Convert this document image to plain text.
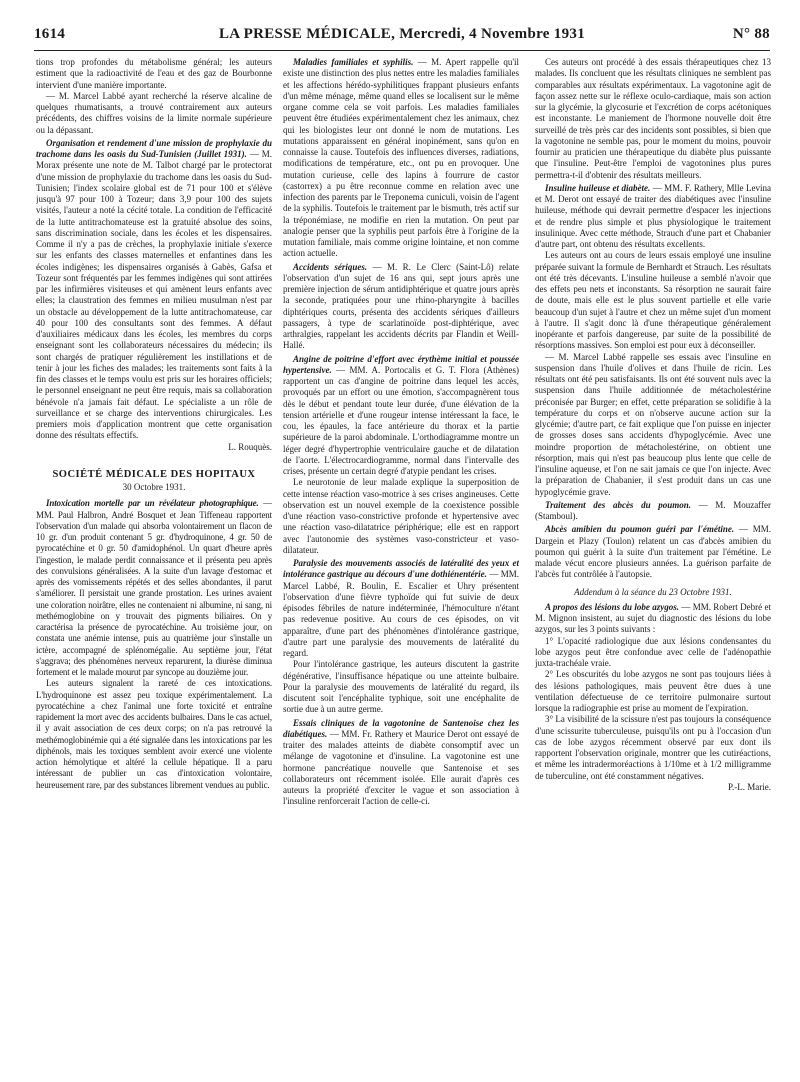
1614	LA PRESSE MÉDICALE, Mercredi, 4 Novembre 1931	N° 88

tions trop profondes du métabolisme général; les auteurs estiment que la radioactivité de l'eau et des gaz de Bourbonne intervient d'une manière importante.

— M. Marcel Labbé ayant recherché la réserve alcaline de quelques rhumatisants, a trouvé contrairement aux auteurs précédents, des chiffres voisins de la limite normale supérieure ou la dépassant.

Organisation et rendement d'une mission de prophylaxie du trachome dans les oasis du Sud-Tunisien (Juillet 1931). — M. Morax présente une note de M. Talbot chargé par le protectorat d'une mission de prophylaxie du trachome dans les oasis du Sud-Tunisien; l'index scolaire global est de 71 pour 100 et s'élève jusqu'à 97 pour 100 à Tozeur; dans 3,9 pour 100 des sujets visités, l'auteur a noté la cécité totale. La condition de l'efficacité de la lutte antitrachomateuse est la gratuité absolue des soins, sans discrimination sociale, dans les écoles et les dispensaires. Comme il n'y a pas de crèches, la prophylaxie initiale s'exerce sur les enfants des classes maternelles et enfantines dans les écoles indigènes; les dispensaires organisés à Gabès, Gafsa et Tozeur sont fréquentés par les femmes indigènes qui sont attirées par les infirmières visiteuses et qui amènent leurs enfants avec elles; la claustration des femmes en milieu musulman n'est par un obstacle au développement de la lutte antitrachomateuse, car 40 pour 100 des consultants sont des femmes. A défaut d'auxiliaires médicaux dans les écoles, les membres du corps enseignant sont les collaborateurs nécessaires du médecin; ils sont chargés de pratiquer régulièrement les instillations et de tenir à jour les fiches des malades; les traitements sont faits à la fin des classes et le temps voulu est pris sur les horaires officiels; le personnel enseignant ne peut être requis, mais sa collaboration bénévole n'a jamais fait défaut. Le spécialiste a un rôle de surveillance et se charge des interventions chirurgicales. Les premiers mois d'application montrent que cette organisation donne des résultats effectifs.

L. Rouquès.

SOCIÉTÉ MÉDICALE DES HOPITAUX
30 Octobre 1931.

Intoxication mortelle par un révélateur photographique. — MM. Paul Halbron, André Bosquet et Jean Tiffeneau rapportent l'observation d'un malade qui absorba volontairement un flacon de 10 gr. d'un produit contenant 5 gr. d'hydroquinone, 4 gr. 50 de pyrocatéchine et 0 gr. 50 d'amidophénol. Un quart d'heure après l'ingestion, le malade perdit connaissance et il présenta peu après des convulsions généralisées. A la suite d'un lavage d'estomac et après des vomissements répétés et des selles abondantes, il parut s'améliorer. Il persistait une grande prostation. Les urines avaient une coloration noirâtre, elles ne contenaient ni albumine, ni sang, ni methémoglobine on y trouvait des pigments biliaires. On y caractérisa la présence de pyrocatéchine. Au troisième jour, on constata une anémie intense, puis au quatrième jour s'installe un ictère, accompagné de splénomégalie. Au septième jour, l'état s'aggrava; des phénomènes nerveux reparurent, la diurèse diminua fortement et le malade mourut par syncope au douzième jour.

Les auteurs signalent la rareté de ces intoxications. L'hydroquinone est assez peu toxique expérimentalement. La pyrocatéchine a chez l'animal une forte toxicité et entraîne rapidement la mort avec des accidents bulbaires. Dans le cas actuel, il y avait association de ces deux corps; on n'a pas retrouvé la methémoglobinémie qui a été signalée dans les intoxications par les diphénols, mais les toxiques semblent avoir exercé une violente action hémolytique et altéré la cellule hépatique. Il a paru intéressant de publier un cas d'intoxication volontaire, heureusement rare, par des substances librement vendues au public.

Maladies familiales et syphilis. — M. Apert rappelle qu'il existe une distinction des plus nettes entre les maladies familiales et les affections hérédo-syphilitiques frappant plusieurs enfants d'un même ménage, même quand elles se localisent sur le même organe comme cela se voit parfois. Les maladies familiales peuvent être étudiées expérimentalement chez les animaux, chez qui les biologistes leur ont donné le nom de mutations. Les mutations apparaissent en général inopinément, sans qu'on en connaisse la cause. Toutefois des influences diverses, radiations, modifications de température, etc., ont pu en provoquer. Une mutation curieuse, celle des lapins à fourrure de castor (castorrex) a pu être reconnue comme en relation avec une infection des parents par le Treponema cuniculi, voisin de l'agent de la syphilis. Toutefois le traitement par le bismuth, très actif sur la tréponémiase, ne modifie en rien la mutation. On peut par analogie penser que la syphilis peut parfois être à l'origine de la mutation familiale, mais comme origine lointaine, et non comme action actuelle.

Accidents sériques. — M. R. Le Clerc (Saint-Lô) relate l'observation d'un sujet de 16 ans qui, sept jours après une première injection de sérum antidiphtérique et quatre jours après la seconde, pratiquées pour une rhino-pharyngite à bacilles diphtériques courts, présenta des accidents sériques d'ailleurs passagers, à type de scarlatinoïde post-diphtérique, avec arthralgies, rappelant les accidents décrits par Flandin et Weill-Hallé.

Angine de poitrine d'effort avec érythème initial et poussée hypertensive. — MM. A. Portocalis et G. T. Flora (Athènes) rapportent un cas d'angine de poitrine dans lequel les accès, provoqués par un effort ou une émotion, s'accompagnèrent tous dès le début et pendant toute leur durée, d'une élévation de la tension artérielle et d'une rougeur intense intéressant la face, le cou, les épaules, la face antérieure du thorax et la partie supérieure de la paroi abdominale. L'orthodiagramme montre un léger degré d'hypertrophie ventriculaire gauche et de dilatation de l'aorte. L'électrocardiogramme, normal dans l'intervalle des crises, présente un certain degré d'atypie pendant les crises.

Le neurotonie de leur malade explique la superposition de cette intense réaction vaso-motrice à ses crises angineuses. Cette observation est un nouvel exemple de la coexistence possible d'une réaction vaso-constrictive profonde et hypertensive avec une réaction vaso-dilatatrice périphérique; elle est en rapport avec l'autonomie des systèmes vaso-constricteur et vaso-dilatateur.

Paralysie des mouvements associés de latéralité des yeux et intolérance gastrique au décours d'une dothiénentérie. — MM. Marcel Labbé, R. Boulin, E. Escalier et Uhry présentent l'observation d'une fièvre typhoïde qui fut suivie de deux épisodes fébriles de nature indéterminée, l'hémoculture n'étant pas redevenue positive. Au cours de ces épisodes, on vit apparaître, d'une part des phénomènes d'intolérance gastrique, d'autre part une paralysie des mouvements de latéralité du regard.

Pour l'intolérance gastrique, les auteurs discutent la gastrite dégénérative, l'insuffisance hépatique ou une atteinte bulbaire. Pour la paralysie des mouvements de latéralité du regard, ils discutent soit l'encéphalite typhique, soit une encéphalite de sortie due à un autre germe.

Essais cliniques de la vagotonine de Santenoise chez les diabétiques. — MM. Fr. Rathery et Maurice Derot ont essayé de traiter des malades atteints de diabète consomptif avec un mélange de vagotonine et d'insuline. La vagotonine est une hormone pancréatique nouvelle que Santenoise et ses collaborateurs ont récemment isolée. Elle aurait d'après ces auteurs la propriété d'exciter le vague et son association à l'insuline renforcerait l'action de celle-ci.

Ces auteurs ont procédé à des essais thérapeutiques chez 13 malades. Ils concluent que les résultats cliniques ne semblent pas comparables aux résultats expérimentaux. La vagotonine agit de façon assez nette sur le réflexe oculo-cardiaque, mais son action sur la glycémie, la glycosurie et l'excrétion de corps acétoniques est inconstante. Le maniement de l'hormone nouvelle doit être surveillé de très près car des incidents sont possibles, si bien que la vagotonine ne semble pas, pour le moment du moins, pouvoir fournir au praticien une thérapeutique du diabète plus puissante que l'insuline. Peut-être l'emploi de vagotonines plus pures permettra-t-il d'obtenir des résultats meilleurs.

Insuline huileuse et diabète. — MM. F. Rathery, Mlle Levina et M. Derot ont essayé de traiter des diabétiques avec l'insuline huileuse, méthode qui devrait permettre d'espacer les injections et de rendre plus simple et plus physiologique le traitement insulinique. Avec cette méthode, Strauch d'une part et Chabanier d'autre part, ont obtenu des résultats excellents.

Les auteurs ont au cours de leurs essais employé une insuline préparée suivant la formule de Bernhardt et Strauch. Les résultats ont été très décevants. L'insuline huileuse a semblé n'avoir que des effets peu nets et inconstants. Sa résorption ne saurait faire de doute, mais elle est le plus souvent partielle et elle varie beaucoup d'un sujet à l'autre et chez un même sujet d'un moment à l'autre. Il s'agit donc là d'une thérapeutique généralement inopérante et parfois dangereuse, par suite de la possibilité de résorptions massives. Son emploi est pour eux à déconseiller.

— M. Marcel Labbé rappelle ses essais avec l'insuline en suspension dans l'huile d'olives et dans l'huile de ricin. Les résultats ont été peu satisfaisants. Ils ont été souvent nuls avec la suspension dans l'huile additionnée de métacholestérine préconisée par Burger; en effet, cette préparation se solidifie à la température du corps et on n'observe aucune action sur la glycémie; d'autre part, ce fait explique que l'on puisse en injecter de grosses doses sans accidents d'hypoglycémie. Avec une moindre proportion de métacholestérine, on obtient une résorption, mais qui n'est pas beaucoup plus lente que celle de l'insuline aqueuse, et l'on ne sait jamais ce que l'on injecte. Avec la préparation de Chabanier, il s'est produit dans un cas une hypoglycémie grave.

Traitement des abcès du poumon. — M. Mouzaffer (Stamboul).

Abcès amibien du poumon guéri par l'émétine. — MM. Dargein et Plazy (Toulon) relatent un cas d'abcès amibien du poumon qui guérit à la suite d'un traitement par l'émétine. Le malade vécut encore plusieurs années. La guérison parfaite de l'abcès fut contrôlée à l'autopsie.

Addendum à la séance du 23 Octobre 1931.

A propos des lésions du lobe azygos. — MM. Robert Debré et M. Mignon insistent, au sujet du diagnostic des lésions du lobe azygos, sur les 3 points suivants :

1° L'opacité radiologique due aux lésions condensantes du lobe azygos peut être confondue avec celle de l'adénopathie juxta-trachéale vraie.

2° Les obscurités du lobe azygos ne sont pas toujours liées à des lésions pathologiques, mais peuvent être dues à une ventilation défectueuse de ce territoire pulmonaire surtout lorsque la radiographie est prise au moment de l'expiration.

3° La visibilité de la scissure n'est pas toujours la conséquence d'une scissurite tuberculeuse, puisqu'ils ont pu à l'occasion d'un cas de lobe azygos récemment observé par eux dont ils rapportent l'observation originale, montrer que les cutiréactions, et même les intradermoréactions à 1/10me et à 1/2 milligramme de tuberculine, ont été constamment négatives.

P.-L. Marie.
